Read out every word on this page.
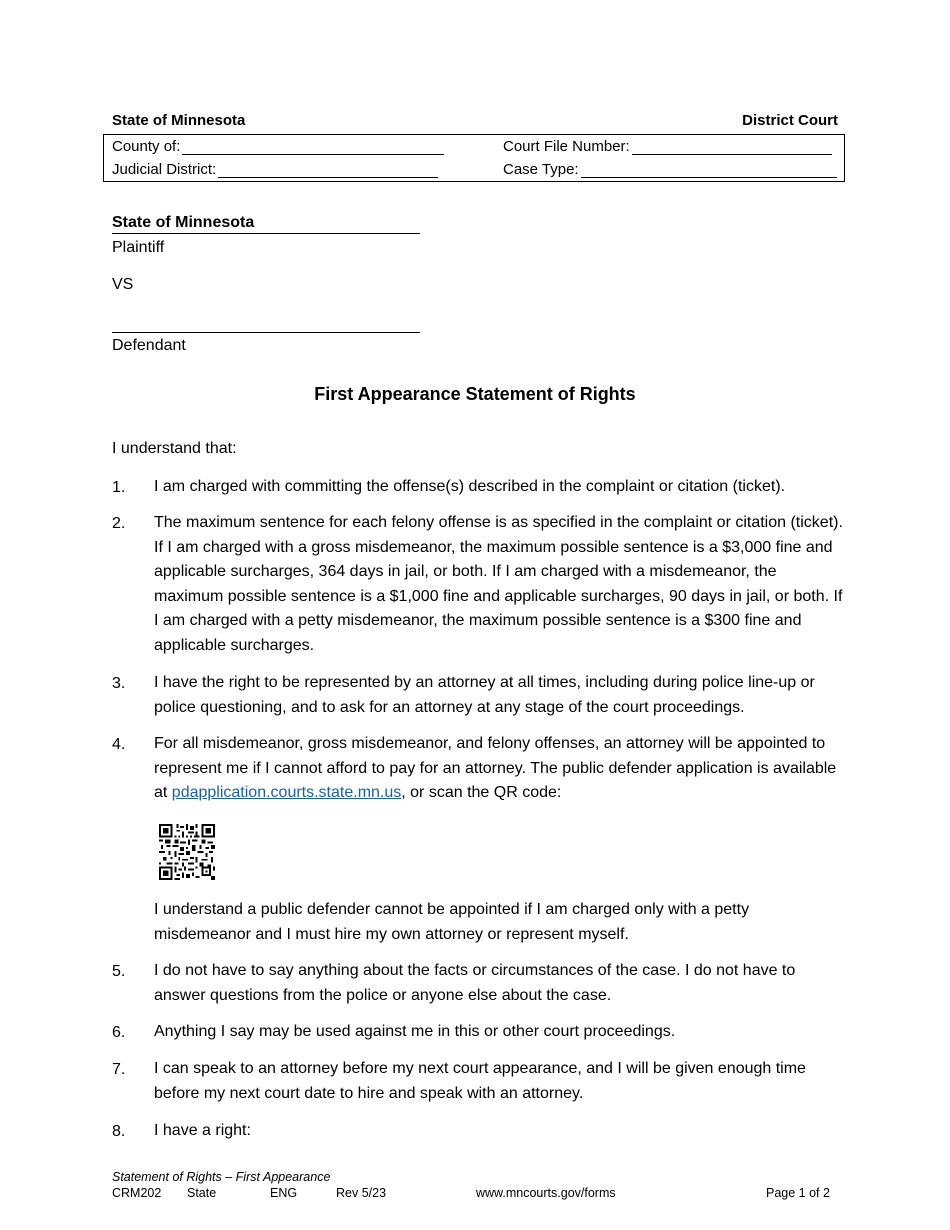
State of Minnesota	District Court
County of:
Judicial District:
Court File Number:
Case Type:
State of Minnesota
Plaintiff
VS
Defendant
First Appearance Statement of Rights
I understand that:
1. I am charged with committing the offense(s) described in the complaint or citation (ticket).
2. The maximum sentence for each felony offense is as specified in the complaint or citation (ticket). If I am charged with a gross misdemeanor, the maximum possible sentence is a $3,000 fine and applicable surcharges, 364 days in jail, or both. If I am charged with a misdemeanor, the maximum possible sentence is a $1,000 fine and applicable surcharges, 90 days in jail, or both. If I am charged with a petty misdemeanor, the maximum possible sentence is a $300 fine and applicable surcharges.
3. I have the right to be represented by an attorney at all times, including during police line-up or police questioning, and to ask for an attorney at any stage of the court proceedings.
4. For all misdemeanor, gross misdemeanor, and felony offenses, an attorney will be appointed to represent me if I cannot afford to pay for an attorney. The public defender application is available at pdapplication.courts.state.mn.us, or scan the QR code:
I understand a public defender cannot be appointed if I am charged only with a petty misdemeanor and I must hire my own attorney or represent myself.
5. I do not have to say anything about the facts or circumstances of the case. I do not have to answer questions from the police or anyone else about the case.
6. Anything I say may be used against me in this or other court proceedings.
7. I can speak to an attorney before my next court appearance, and I will be given enough time before my next court date to hire and speak with an attorney.
8. I have a right:
Statement of Rights – First Appearance
CRM202 State	ENG	Rev 5/23	www.mncourts.gov/forms	Page 1 of 2
